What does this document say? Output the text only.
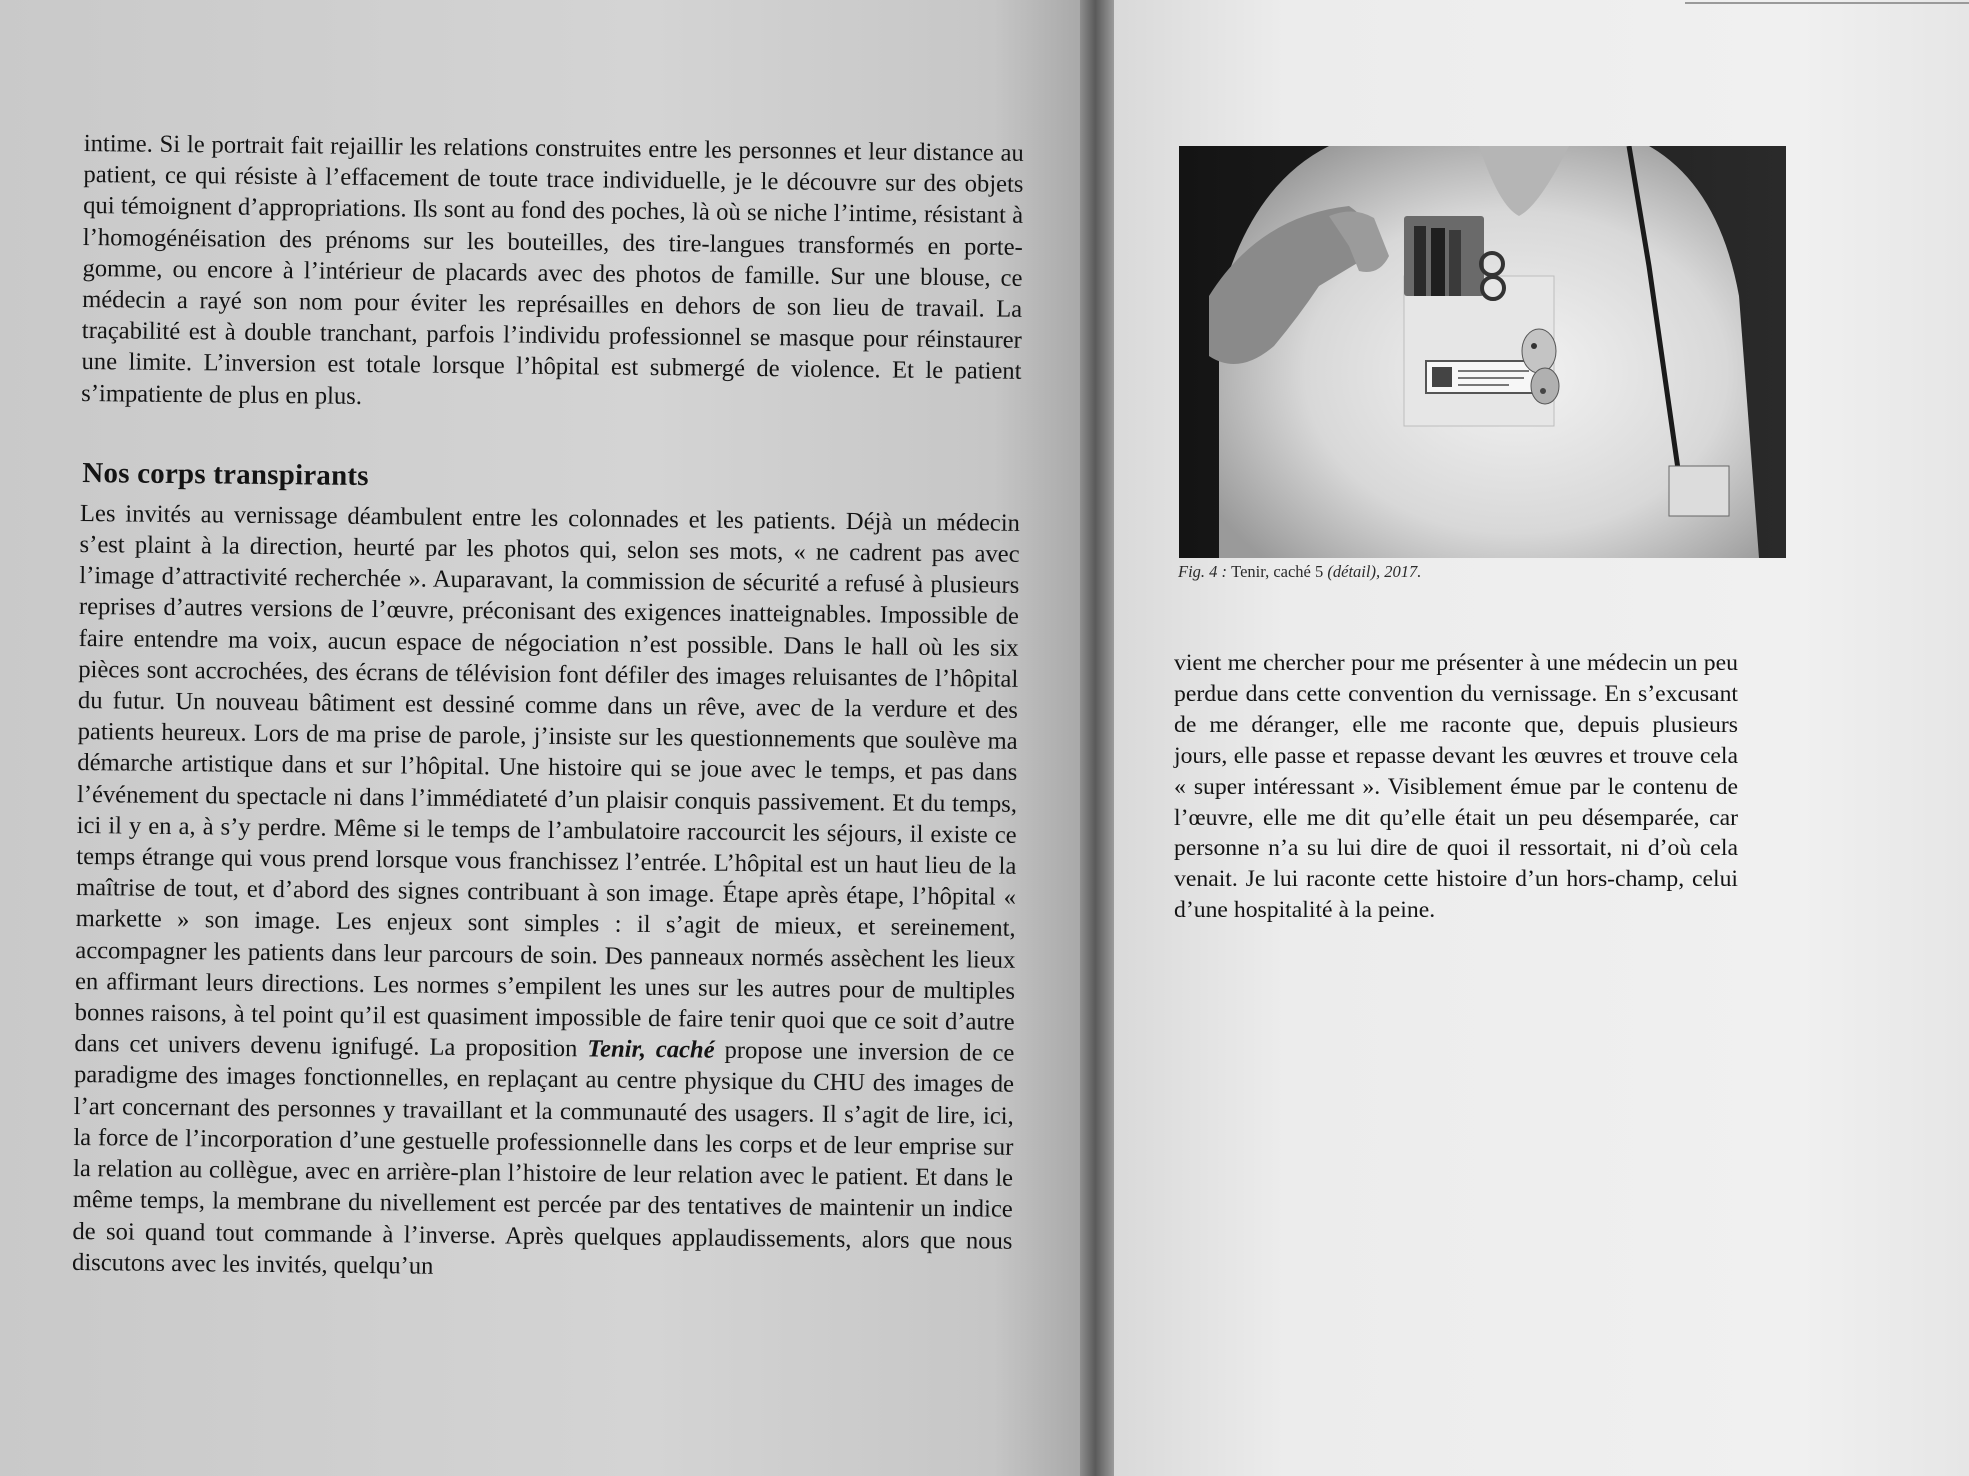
intime. Si le portrait fait rejaillir les relations construites entre les personnes et leur distance au patient, ce qui résiste à l’effacement de toute trace individuelle, je le découvre sur des objets qui témoignent d’appropriations. Ils sont au fond des poches, là où se niche l’intime, résistant à l’homogénéisation des prénoms sur les bouteilles, des tire-langues transformés en porte-gomme, ou encore à l’intérieur de placards avec des photos de famille. Sur une blouse, ce médecin a rayé son nom pour éviter les représailles en dehors de son lieu de travail. La traçabilité est à double tranchant, parfois l’individu professionnel se masque pour réinstaurer une limite. L’inversion est totale lorsque l’hôpital est submergé de violence. Et le patient s’impatiente de plus en plus.

Nos corps transpirants

Les invités au vernissage déambulent entre les colonnades et les patients. Déjà un médecin s’est plaint à la direction, heurté par les photos qui, selon ses mots, « ne cadrent pas avec l’image d’attractivité recherchée ». Auparavant, la commission de sécurité a refusé à plusieurs reprises d’autres versions de l’œuvre, préconisant des exigences inatteignables. Impossible de faire entendre ma voix, aucun espace de négociation n’est possible. Dans le hall où les six pièces sont accrochées, des écrans de télévision font défiler des images reluisantes de l’hôpital du futur. Un nouveau bâtiment est dessiné comme dans un rêve, avec de la verdure et des patients heureux. Lors de ma prise de parole, j’insiste sur les questionnements que soulève ma démarche artistique dans et sur l’hôpital. Une histoire qui se joue avec le temps, et pas dans l’événement du spectacle ni dans l’immédiateté d’un plaisir conquis passivement. Et du temps, ici il y en a, à s’y perdre. Même si le temps de l’ambulatoire raccourcit les séjours, il existe ce temps étrange qui vous prend lorsque vous franchissez l’entrée. L’hôpital est un haut lieu de la maîtrise de tout, et d’abord des signes contribuant à son image. Étape après étape, l’hôpital « markette » son image. Les enjeux sont simples : il s’agit de mieux, et sereinement, accompagner les patients dans leur parcours de soin. Des panneaux normés assèchent les lieux en affirmant leurs directions. Les normes s’empilent les unes sur les autres pour de multiples bonnes raisons, à tel point qu’il est quasiment impossible de faire tenir quoi que ce soit d’autre dans cet univers devenu ignifugé. La proposition Tenir, caché propose une inversion de ce paradigme des images fonctionnelles, en replaçant au centre physique du CHU des images de l’art concernant des personnes y travaillant et la communauté des usagers. Il s’agit de lire, ici, la force de l’incorporation d’une gestuelle professionnelle dans les corps et de leur emprise sur la relation au collègue, avec en arrière-plan l’histoire de leur relation avec le patient. Et dans le même temps, la membrane du nivellement est percée par des tentatives de maintenir un indice de soi quand tout commande à l’inverse. Après quelques applaudissements, alors que nous discutons avec les invités, quelqu’un

Fig. 4 : Tenir, caché 5 (détail), 2017.

vient me chercher pour me présenter à une médecin un peu perdue dans cette convention du vernissage. En s’excusant de me déranger, elle me raconte que, depuis plusieurs jours, elle passe et repasse devant les œuvres et trouve cela « super intéressant ». Visiblement émue par le contenu de l’œuvre, elle me dit qu’elle était un peu désemparée, car personne n’a su lui dire de quoi il ressortait, ni d’où cela venait. Je lui raconte cette histoire d’un hors-champ, celui d’une hospitalité à la peine.
